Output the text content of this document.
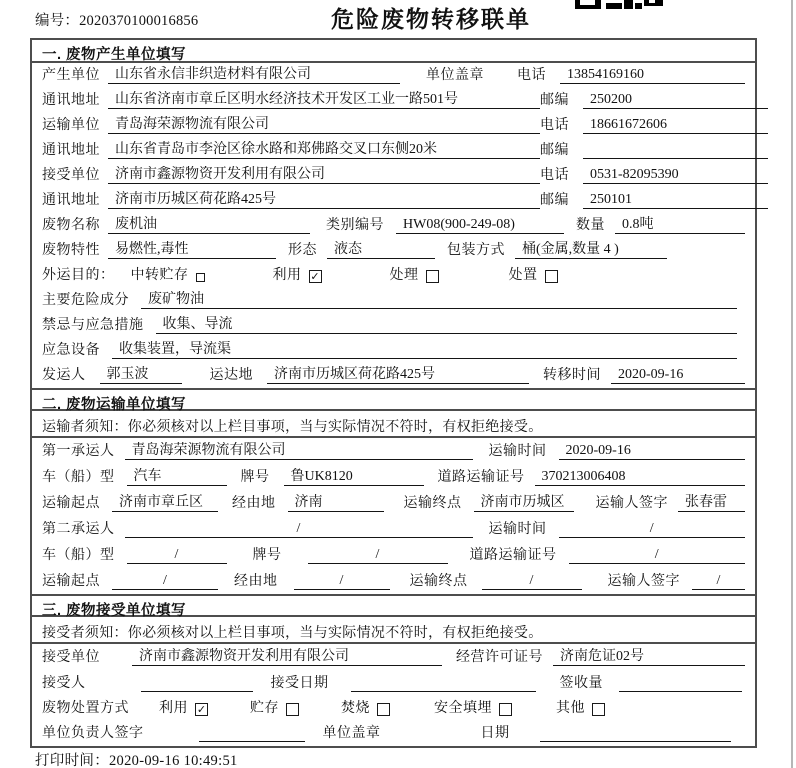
编号：2020370100016856	危险废物转移联单
一. 废物产生单位填写
产生单位	山东省永信非织造材料有限公司	单位盖章 电话	13854169160
通讯地址	山东省济南市章丘区明水经济技术开发区工业一路501号	邮编	250200
运输单位	青岛海荣源物流有限公司	电话	18661672606
通讯地址	山东省青岛市李沧区徐水路和郑佛路交叉口东侧20米	邮编
接受单位	济南市鑫源物资开发利用有限公司	电话	0531-82095390
通讯地址	济南市历城区荷花路425号	邮编	250101
废物名称	废机油	类别编号	HW08(900-249-08)	数量	0.8吨
废物特性	易燃性,毒性	形态	液态	包装方式	桶(金属,数量 4 )
外运目的： 中转贮存	利用 ✓	处理	处置
主要危险成分	废矿物油
禁忌与应急措施	收集、导流
应急设备	收集装置，导流渠
发运人	郭玉波	运达地	济南市历城区荷花路425号	转移时间	2020-09-16
二. 废物运输单位填写
运输者须知：你必须核对以上栏目事项，当与实际情况不符时，有权拒绝接受。
第一承运人	青岛海荣源物流有限公司	运输时间	2020-09-16
车（船）型	汽车	牌号	鲁UK8120	道路运输证号	370213006408
运输起点	济南市章丘区	经由地	济南	运输终点	济南市历城区	运输人签字	张春雷
第二承运人	/	运输时间	/
车（船）型	/	牌号	/	道路运输证号	/
运输起点	/	经由地	/	运输终点	/	运输人签字	/
三. 废物接受单位填写
接受者须知：你必须核对以上栏目事项，当与实际情况不符时，有权拒绝接受。
接受单位	济南市鑫源物资开发利用有限公司	经营许可证号	济南危证02号
接受人	接受日期	签收量
废物处置方式 利用 ✓	贮存	焚烧	安全填埋	其他
单位负责人签字	单位盖章	日期
打印时间：2020-09-16 10:49:51
